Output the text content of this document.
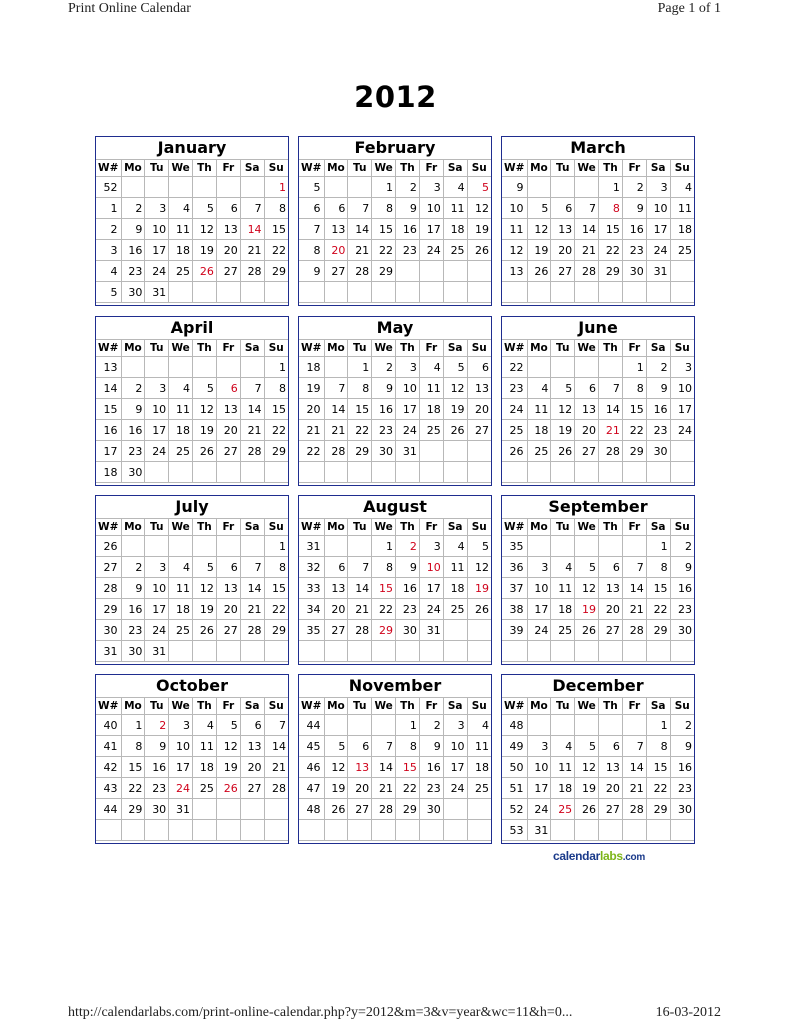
Print Online Calendar	Page 1 of 1
2012
January
W#	Mo	Tu	We	Th	Fr	Sa	Su
52							1
1	2	3	4	5	6	7	8
2	9	10	11	12	13	14	15
3	16	17	18	19	20	21	22
4	23	24	25	26	27	28	29
5	30	31					
February
W#	Mo	Tu	We	Th	Fr	Sa	Su
5			1	2	3	4	5
6	6	7	8	9	10	11	12
7	13	14	15	16	17	18	19
8	20	21	22	23	24	25	26
9	27	28	29				

March
W#	Mo	Tu	We	Th	Fr	Sa	Su
9				1	2	3	4
10	5	6	7	8	9	10	11
11	12	13	14	15	16	17	18
12	19	20	21	22	23	24	25
13	26	27	28	29	30	31	

April
W#	Mo	Tu	We	Th	Fr	Sa	Su
13							1
14	2	3	4	5	6	7	8
15	9	10	11	12	13	14	15
16	16	17	18	19	20	21	22
17	23	24	25	26	27	28	29
18	30						
May
W#	Mo	Tu	We	Th	Fr	Sa	Su
18		1	2	3	4	5	6
19	7	8	9	10	11	12	13
20	14	15	16	17	18	19	20
21	21	22	23	24	25	26	27
22	28	29	30	31			

June
W#	Mo	Tu	We	Th	Fr	Sa	Su
22					1	2	3
23	4	5	6	7	8	9	10
24	11	12	13	14	15	16	17
25	18	19	20	21	22	23	24
26	25	26	27	28	29	30	

July
W#	Mo	Tu	We	Th	Fr	Sa	Su
26							1
27	2	3	4	5	6	7	8
28	9	10	11	12	13	14	15
29	16	17	18	19	20	21	22
30	23	24	25	26	27	28	29
31	30	31					
August
W#	Mo	Tu	We	Th	Fr	Sa	Su
31			1	2	3	4	5
32	6	7	8	9	10	11	12
33	13	14	15	16	17	18	19
34	20	21	22	23	24	25	26
35	27	28	29	30	31		

September
W#	Mo	Tu	We	Th	Fr	Sa	Su
35						1	2
36	3	4	5	6	7	8	9
37	10	11	12	13	14	15	16
38	17	18	19	20	21	22	23
39	24	25	26	27	28	29	30

October
W#	Mo	Tu	We	Th	Fr	Sa	Su
40	1	2	3	4	5	6	7
41	8	9	10	11	12	13	14
42	15	16	17	18	19	20	21
43	22	23	24	25	26	27	28
44	29	30	31				

November
W#	Mo	Tu	We	Th	Fr	Sa	Su
44				1	2	3	4
45	5	6	7	8	9	10	11
46	12	13	14	15	16	17	18
47	19	20	21	22	23	24	25
48	26	27	28	29	30		

December
W#	Mo	Tu	We	Th	Fr	Sa	Su
48						1	2
49	3	4	5	6	7	8	9
50	10	11	12	13	14	15	16
51	17	18	19	20	21	22	23
52	24	25	26	27	28	29	30
53	31						
calendarlabs.com
http://calendarlabs.com/print-online-calendar.php?y=2012&m=3&v=year&wc=11&h=0...	16-03-2012
